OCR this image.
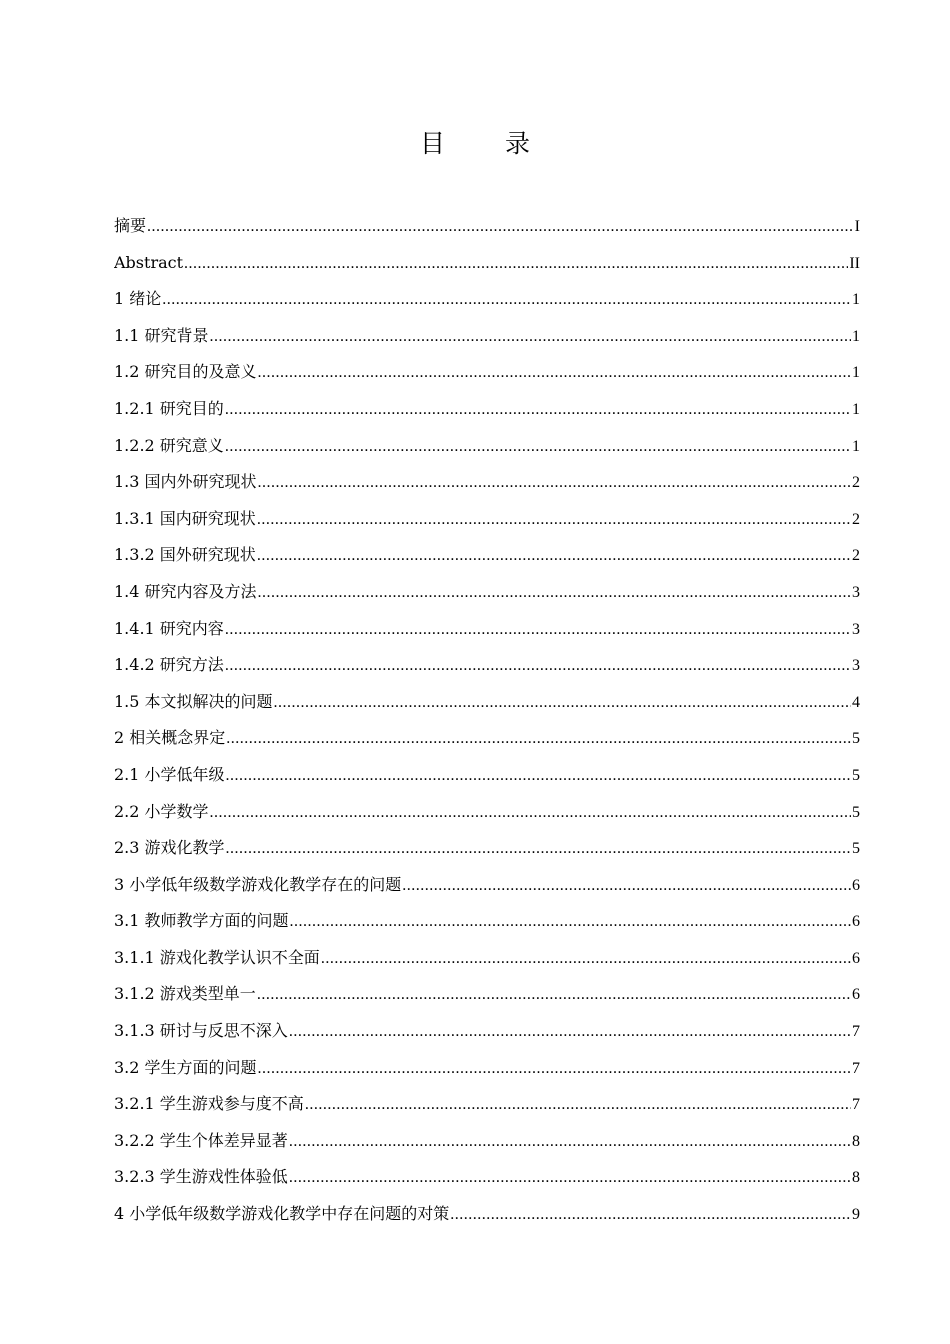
目 录
摘要 .....	I
Abstract .....	II
1 绪论 .....	1
1.1 研究背景 .....	1
1.2 研究目的及意义 .....	1
1.2.1 研究目的 .....	1
1.2.2 研究意义 .....	1
1.3 国内外研究现状 .....	2
1.3.1 国内研究现状 .....	2
1.3.2 国外研究现状 .....	2
1.4 研究内容及方法 .....	3
1.4.1 研究内容 .....	3
1.4.2 研究方法 .....	3
1.5 本文拟解决的问题 .....	4
2 相关概念界定 .....	5
2.1 小学低年级 .....	5
2.2 小学数学 .....	5
2.3 游戏化教学 .....	5
3 小学低年级数学游戏化教学存在的问题 .....	6
3.1 教师教学方面的问题 .....	6
3.1.1 游戏化教学认识不全面 .....	6
3.1.2 游戏类型单一 .....	6
3.1.3 研讨与反思不深入 .....	7
3.2 学生方面的问题 .....	7
3.2.1 学生游戏参与度不高 .....	7
3.2.2 学生个体差异显著 .....	8
3.2.3 学生游戏性体验低 .....	8
4 小学低年级数学游戏化教学中存在问题的对策 .....	9
